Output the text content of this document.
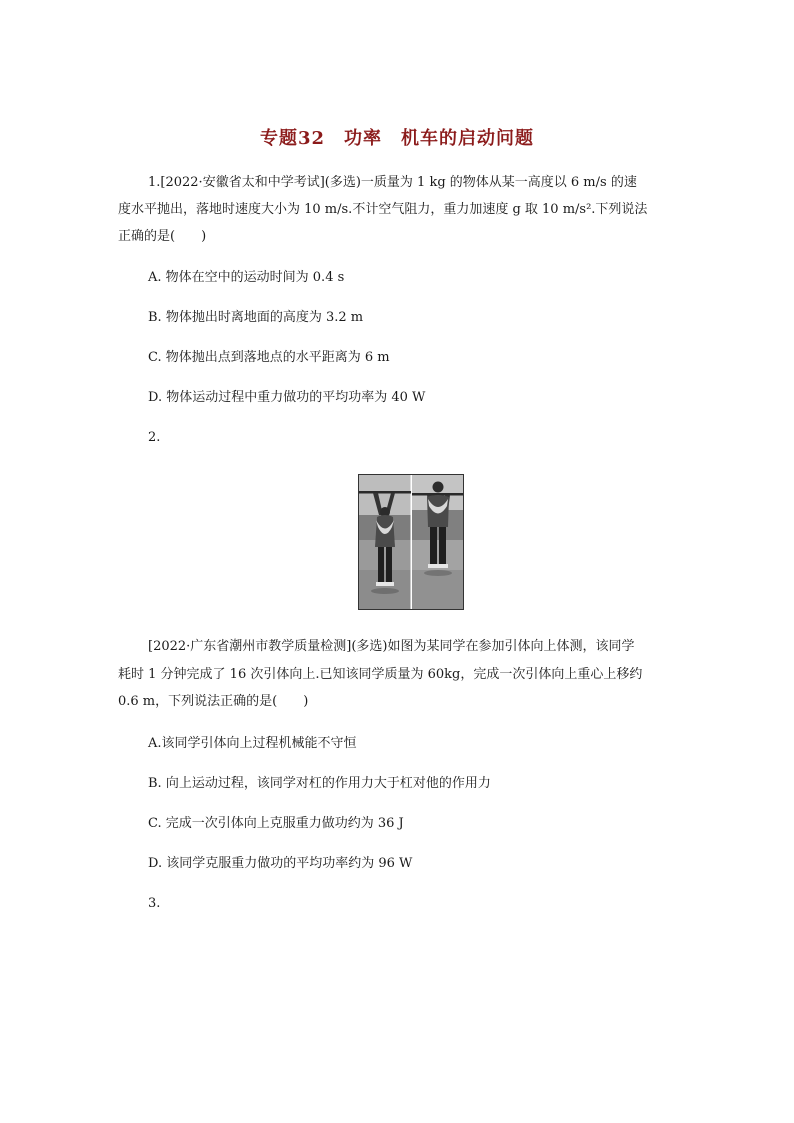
专题32　功率　机车的启动问题
1.[2022·安徽省太和中学考试](多选)一质量为 1 kg 的物体从某一高度以 6 m/s 的速
度水平抛出，落地时速度大小为 10 m/s.不计空气阻力，重力加速度 g 取 10 m/s².下列说法
正确的是(　　)
A. 物体在空中的运动时间为 0.4 s
B. 物体抛出时离地面的高度为 3.2 m
C. 物体抛出点到落地点的水平距离为 6 m
D. 物体运动过程中重力做功的平均功率为 40 W
2.
[2022·广东省潮州市教学质量检测](多选)如图为某同学在参加引体向上体测，该同学
耗时 1 分钟完成了 16 次引体向上.已知该同学质量为 60kg，完成一次引体向上重心上移约
0.6 m，下列说法正确的是(　　)
A.该同学引体向上过程机械能不守恒
B. 向上运动过程，该同学对杠的作用力大于杠对他的作用力
C. 完成一次引体向上克服重力做功约为 36 J
D. 该同学克服重力做功的平均功率约为 96 W
3.
